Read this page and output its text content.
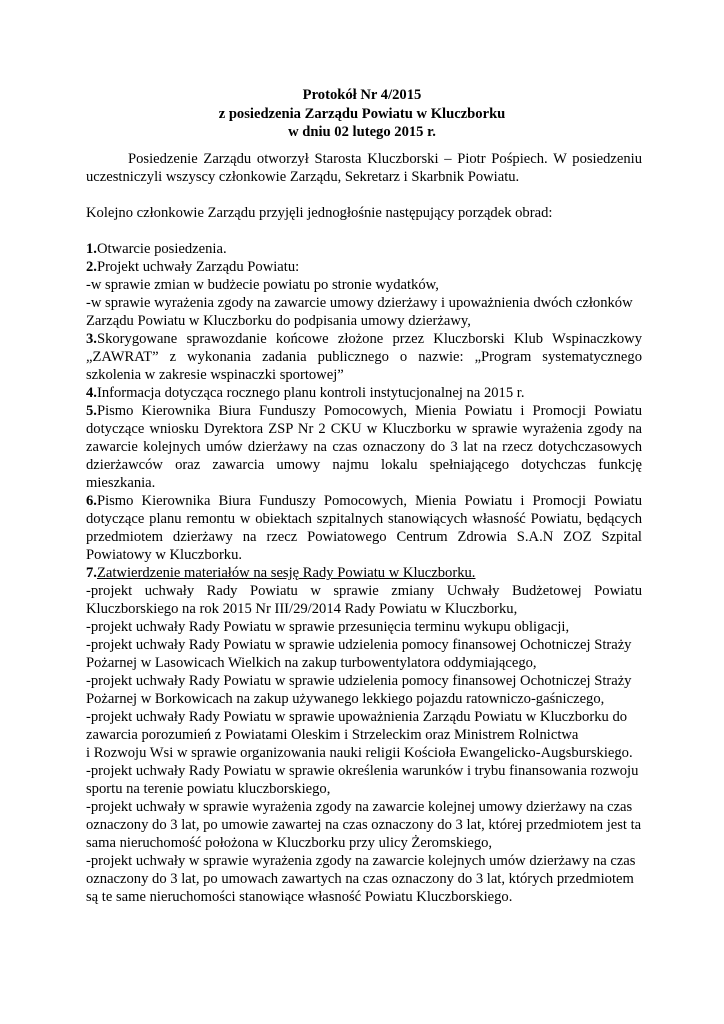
Protokół Nr 4/2015
z posiedzenia Zarządu Powiatu w Kluczborku
w dniu 02 lutego 2015 r.

Posiedzenie Zarządu otworzył Starosta Kluczborski – Piotr Pośpiech. W posiedzeniu uczestniczyli wszyscy członkowie Zarządu, Sekretarz i Skarbnik Powiatu.

Kolejno członkowie Zarządu przyjęli jednogłośnie następujący porządek obrad:

1.Otwarcie posiedzenia.

2.Projekt uchwały Zarządu Powiatu:

-w sprawie zmian w budżecie powiatu po stronie wydatków,

-w sprawie wyrażenia zgody na zawarcie umowy dzierżawy i upoważnienia dwóch członków Zarządu Powiatu w Kluczborku do podpisania umowy dzierżawy,

3.Skorygowane sprawozdanie końcowe złożone przez Kluczborski Klub Wspinaczkowy „ZAWRAT” z wykonania zadania publicznego o nazwie: „Program systematycznego szkolenia w zakresie wspinaczki sportowej”

4.Informacja dotycząca rocznego planu kontroli instytucjonalnej na 2015 r.

5.Pismo Kierownika Biura Funduszy Pomocowych, Mienia Powiatu i Promocji Powiatu dotyczące wniosku Dyrektora ZSP Nr 2 CKU w Kluczborku w sprawie wyrażenia zgody na zawarcie kolejnych umów dzierżawy na czas oznaczony do 3 lat na rzecz dotychczasowych dzierżawców oraz zawarcia umowy najmu lokalu spełniającego dotychczas funkcję mieszkania.

6.Pismo Kierownika Biura Funduszy Pomocowych, Mienia Powiatu i Promocji Powiatu dotyczące planu remontu w obiektach szpitalnych stanowiących własność Powiatu, będących przedmiotem dzierżawy na rzecz Powiatowego Centrum Zdrowia S.A.N ZOZ Szpital Powiatowy w Kluczborku.

7.Zatwierdzenie materiałów na sesję Rady Powiatu w Kluczborku.

-projekt uchwały Rady Powiatu w sprawie zmiany Uchwały Budżetowej Powiatu Kluczborskiego na rok 2015 Nr III/29/2014 Rady Powiatu w Kluczborku,

-projekt uchwały Rady Powiatu w sprawie przesunięcia terminu wykupu obligacji,

-projekt uchwały Rady Powiatu w sprawie udzielenia pomocy finansowej Ochotniczej Straży Pożarnej w Lasowicach Wielkich na zakup turbowentylatora oddymiającego,

-projekt uchwały Rady Powiatu w sprawie udzielenia pomocy finansowej Ochotniczej Straży Pożarnej w Borkowicach na zakup używanego lekkiego pojazdu ratowniczo-gaśniczego,

-projekt uchwały Rady Powiatu w sprawie upoważnienia Zarządu Powiatu w Kluczborku do zawarcia porozumień z Powiatami Oleskim i Strzeleckim oraz Ministrem Rolnictwa

i Rozwoju Wsi w sprawie organizowania nauki religii Kościoła Ewangelicko-Augsburskiego.

-projekt uchwały Rady Powiatu w sprawie określenia warunków i trybu finansowania rozwoju sportu na terenie powiatu kluczborskiego,

-projekt uchwały w sprawie wyrażenia zgody na zawarcie kolejnej umowy dzierżawy na czas oznaczony do 3 lat, po umowie zawartej na czas oznaczony do 3 lat, której przedmiotem jest ta sama nieruchomość położona w Kluczborku przy ulicy Żeromskiego,

-projekt uchwały w sprawie wyrażenia zgody na zawarcie kolejnych umów dzierżawy na czas oznaczony do 3 lat, po umowach zawartych na czas oznaczony do 3 lat, których przedmiotem są te same nieruchomości stanowiące własność Powiatu Kluczborskiego.
